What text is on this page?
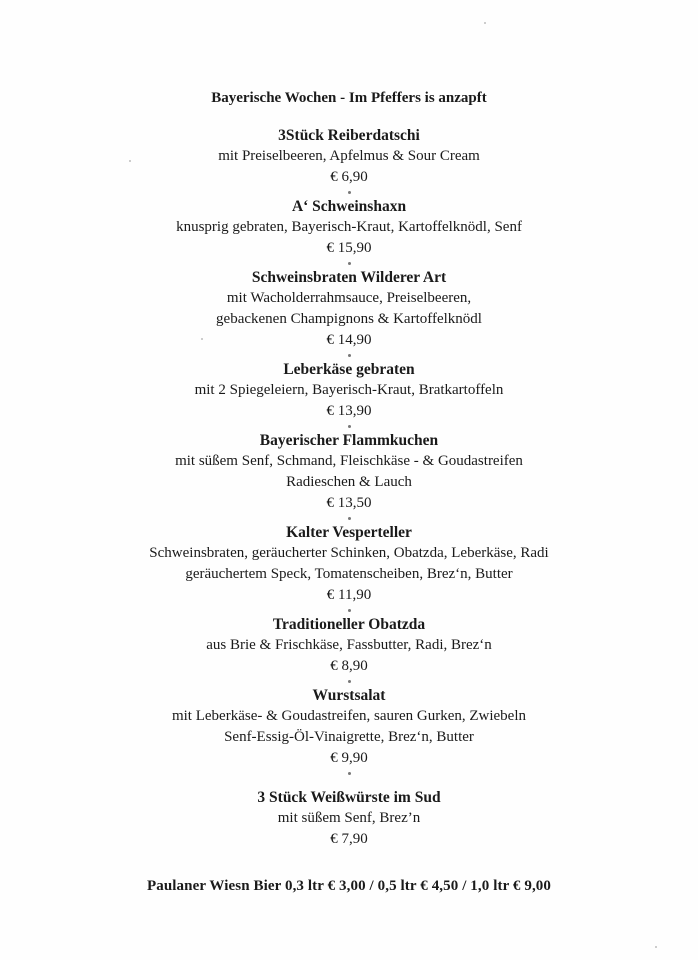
Bayerische Wochen - Im Pfeffers is anzapft
3Stück Reiberdatschi
mit Preiselbeeren, Apfelmus & Sour Cream
€ 6,90
A‘ Schweinshaxn
knusprig gebraten, Bayerisch-Kraut, Kartoffelknödl, Senf
€ 15,90
Schweinsbraten Wilderer Art
mit Wacholderrahmsauce, Preiselbeeren,
gebackenen Champignons & Kartoffelknödl
€ 14,90
Leberkäse gebraten
mit 2 Spiegeleiern, Bayerisch-Kraut, Bratkartoffeln
€ 13,90
Bayerischer Flammkuchen
mit süßem Senf, Schmand, Fleischkäse - & Goudastreifen
Radieschen & Lauch
€ 13,50
Kalter Vesperteller
Schweinsbraten, geräucherter Schinken, Obatzda, Leberkäse, Radi
geräuchertem Speck, Tomatenscheiben, Brez‘n, Butter
€ 11,90
Traditioneller Obatzda
aus Brie & Frischkäse, Fassbutter, Radi, Brez‘n
€ 8,90
Wurstsalat
mit Leberkäse- & Goudastreifen, sauren Gurken, Zwiebeln
Senf-Essig-Öl-Vinaigrette, Brez‘n, Butter
€ 9,90
3 Stück Weißwürste im Sud
mit süßem Senf, Brez’n
€ 7,90
Paulaner Wiesn Bier 0,3 ltr € 3,00 / 0,5 ltr € 4,50 / 1,0 ltr € 9,00
